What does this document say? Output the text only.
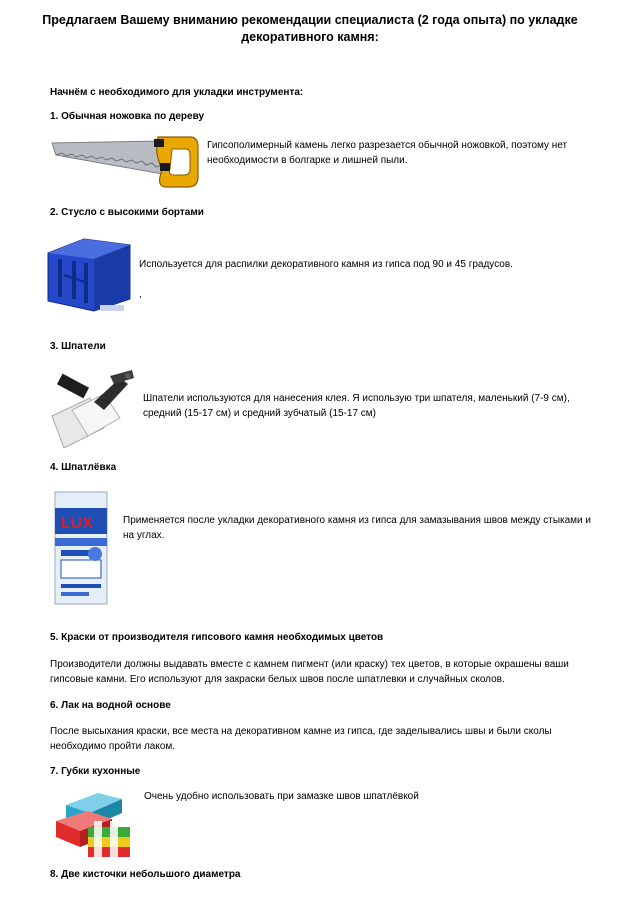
Предлагаем Вашему вниманию рекомендации специалиста (2 года опыта) по укладке декоративного камня:
Начнём с необходимого для укладки инструмента:
1. Обычная ножовка по дереву
Гипсополимерный камень легко разрезается обычной ножовкой, поэтому нет необходимости в болгарке и лишней пыли.
2. Стусло с высокими бортами
Используется для распилки декоративного камня из гипса под 90 и 45 градусов.
,
3. Шпатели
Шпатели используются для нанесения клея. Я использую три шпателя, маленький (7-9 см), средний (15-17 см) и средний зубчатый (15-17 см)
4. Шпатлёвка
LUX	Применяется после укладки декоративного камня из гипса для замазывания швов между стыками и на углах.
5. Краски от производителя гипсового камня необходимых цветов
Производители должны выдавать вместе с камнем пигмент (или краску) тех цветов, в которые окрашены ваши гипсовые камни. Его используют для закраски белых швов после шпатлевки и случайных сколов.
6. Лак на водной основе
После высыхания краски, все места на декоративном камне из гипса, где заделывались швы и были сколы необходимо пройти лаком.
7. Губки кухонные
Очень удобно использовать при замазке швов шпатлёвкой
8. Две кисточки небольшого диаметра
